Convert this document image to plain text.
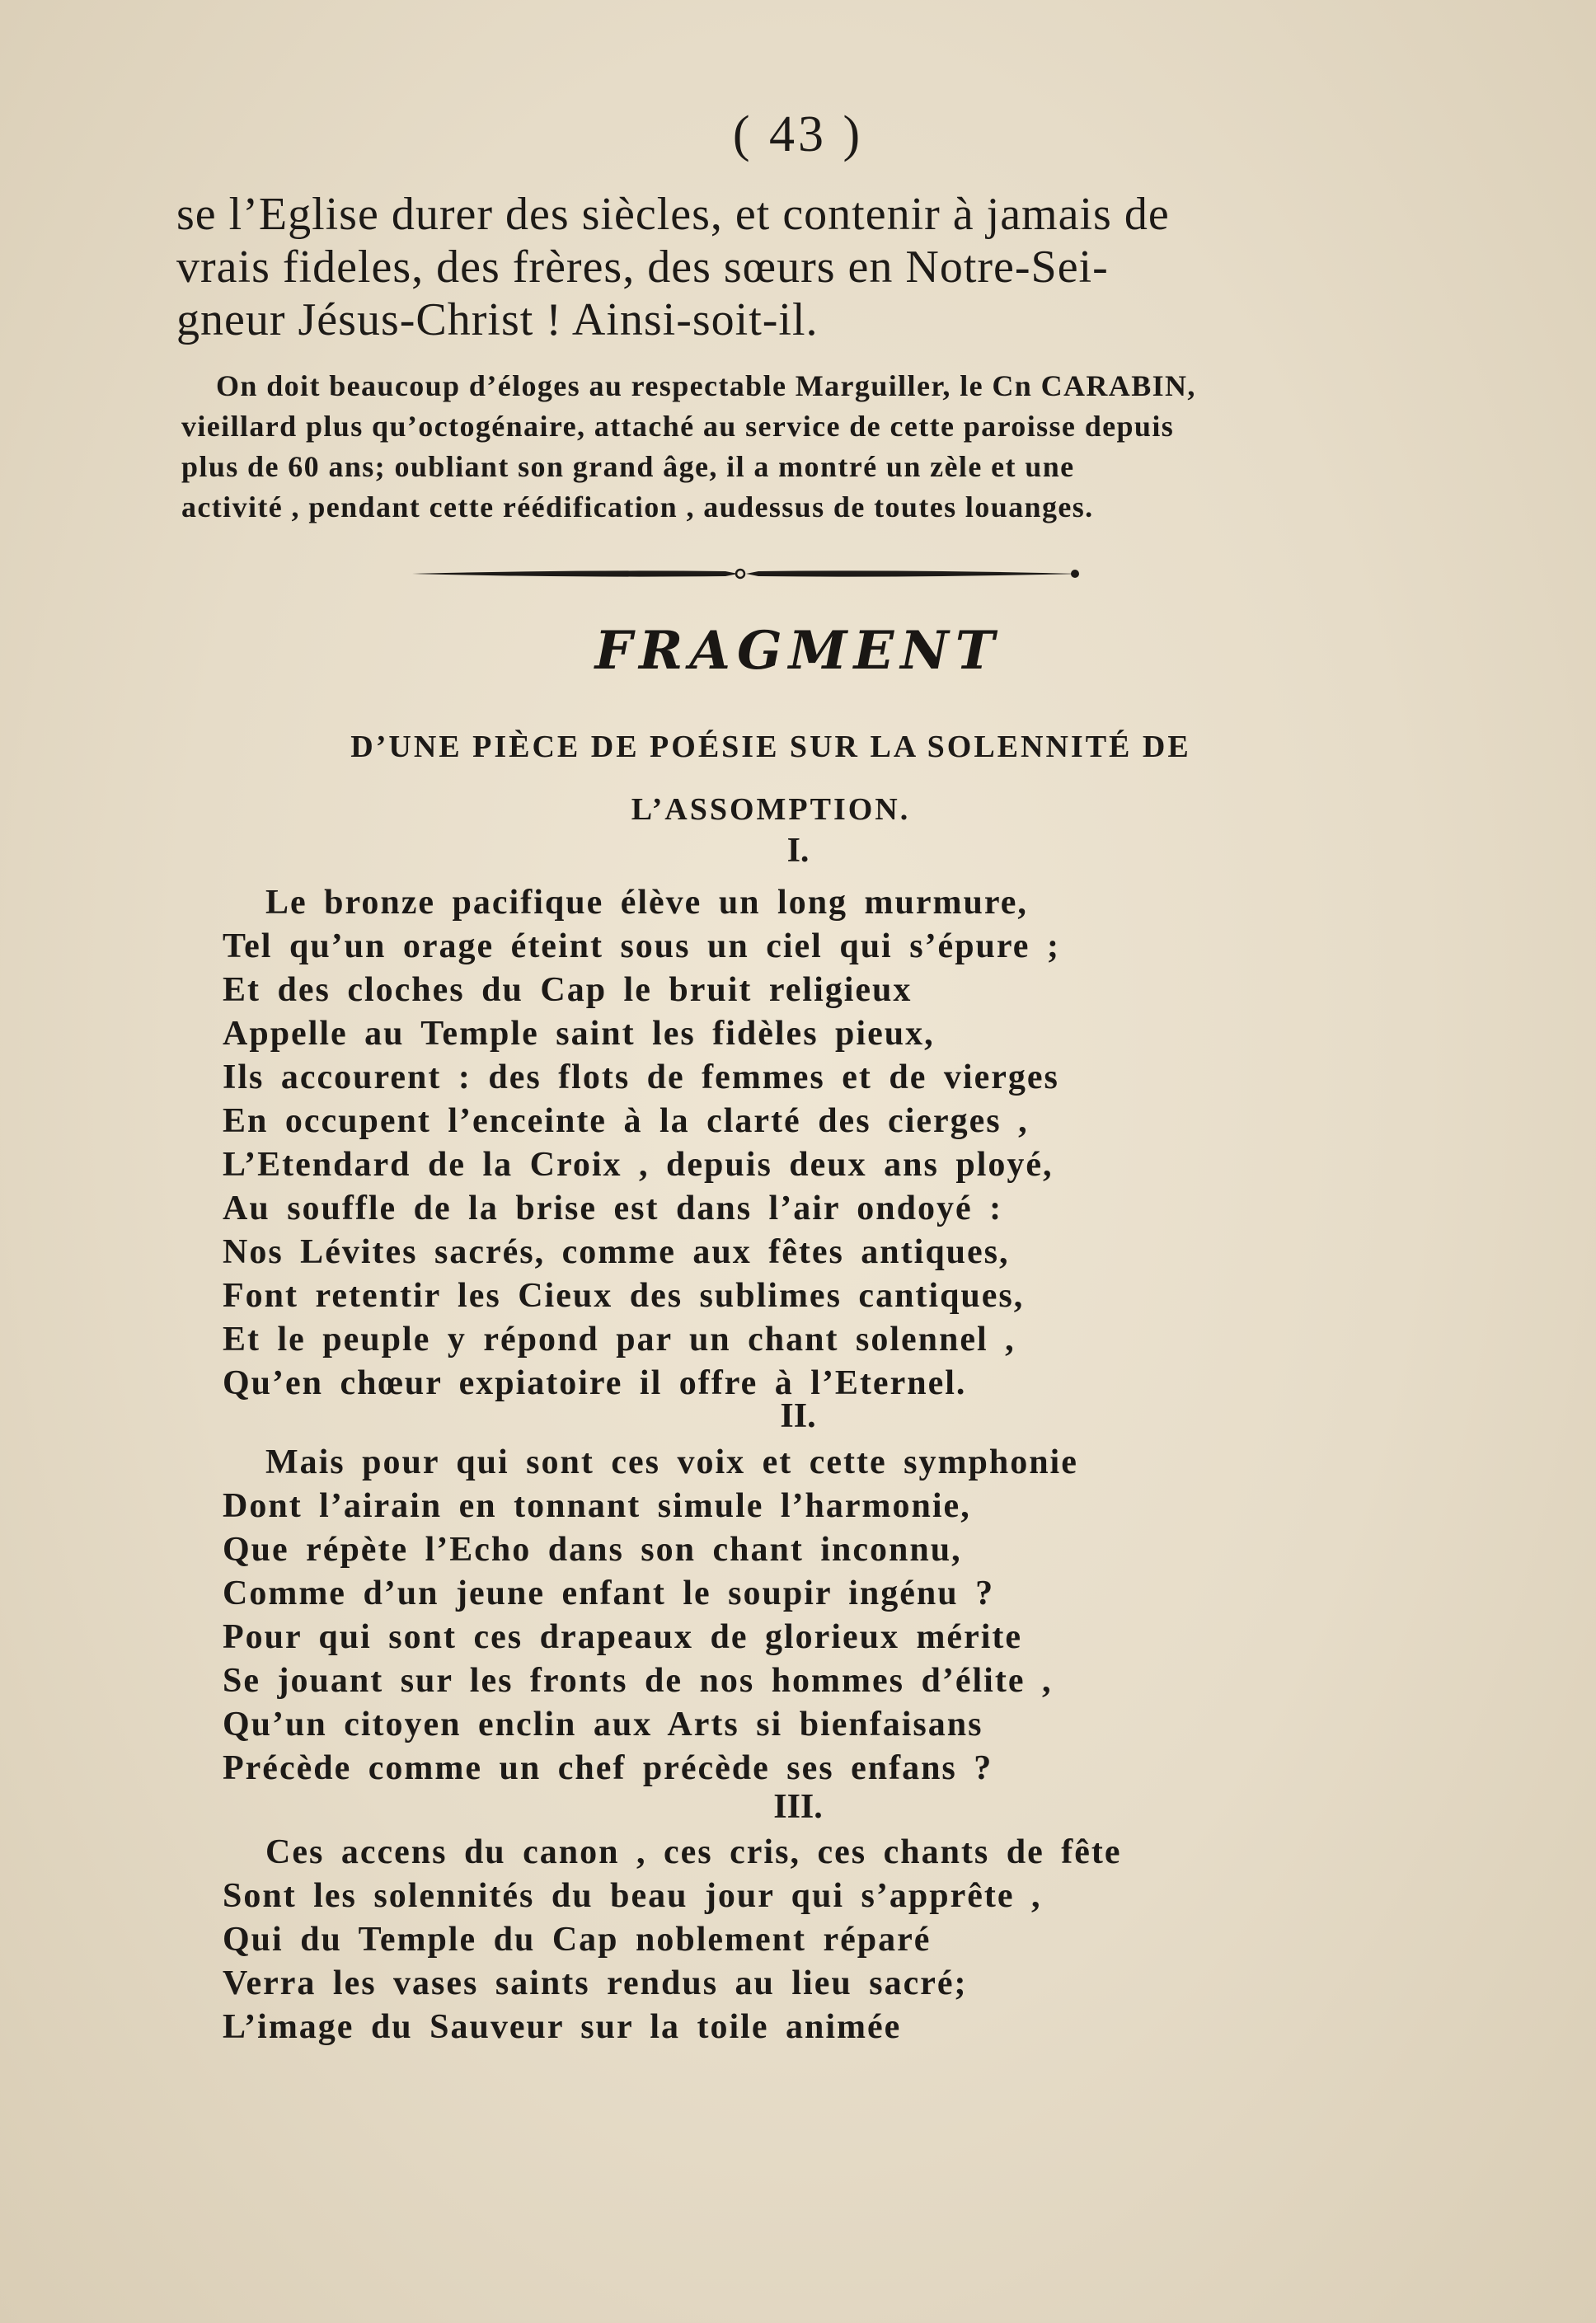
( 43 )
se l’Eglise durer des siècles, et contenir à jamais de
vrais fideles, des frères, des sœurs en Notre-Sei-
gneur Jésus-Christ ! Ainsi-soit-il.
On doit beaucoup d’éloges au respectable Marguiller, le Cn CARABIN,
vieillard plus qu’octogénaire, attaché au service de cette paroisse depuis
plus de 60 ans; oubliant son grand âge, il a montré un zèle et une
activité , pendant cette réédification , audessus de toutes louanges.
FRAGMENT
D’UNE PIÈCE DE POÉSIE SUR LA SOLENNITÉ DE
L’ASSOMPTION.
I.
Le bronze pacifique élève un long murmure,
Tel qu’un orage éteint sous un ciel qui s’épure ;
Et des cloches du Cap le bruit religieux
Appelle au Temple saint les fidèles pieux,
Ils accourent : des flots de femmes et de vierges
En occupent l’enceinte à la clarté des cierges ,
L’Etendard de la Croix , depuis deux ans ployé,
Au souffle de la brise est dans l’air ondoyé :
Nos Lévites sacrés, comme aux fêtes antiques,
Font retentir les Cieux des sublimes cantiques,
Et le peuple y répond par un chant solennel ,
Qu’en chœur expiatoire il offre à l’Eternel.
II.
Mais pour qui sont ces voix et cette symphonie
Dont l’airain en tonnant simule l’harmonie,
Que répète l’Echo dans son chant inconnu,
Comme d’un jeune enfant le soupir ingénu ?
Pour qui sont ces drapeaux de glorieux mérite
Se jouant sur les fronts de nos hommes d’élite ,
Qu’un citoyen enclin aux Arts si bienfaisans
Précède comme un chef précède ses enfans ?
III.
Ces accens du canon , ces cris, ces chants de fête
Sont les solennités du beau jour qui s’apprête ,
Qui du Temple du Cap noblement réparé
Verra les vases saints rendus au lieu sacré;
L’image du Sauveur sur la toile animée
